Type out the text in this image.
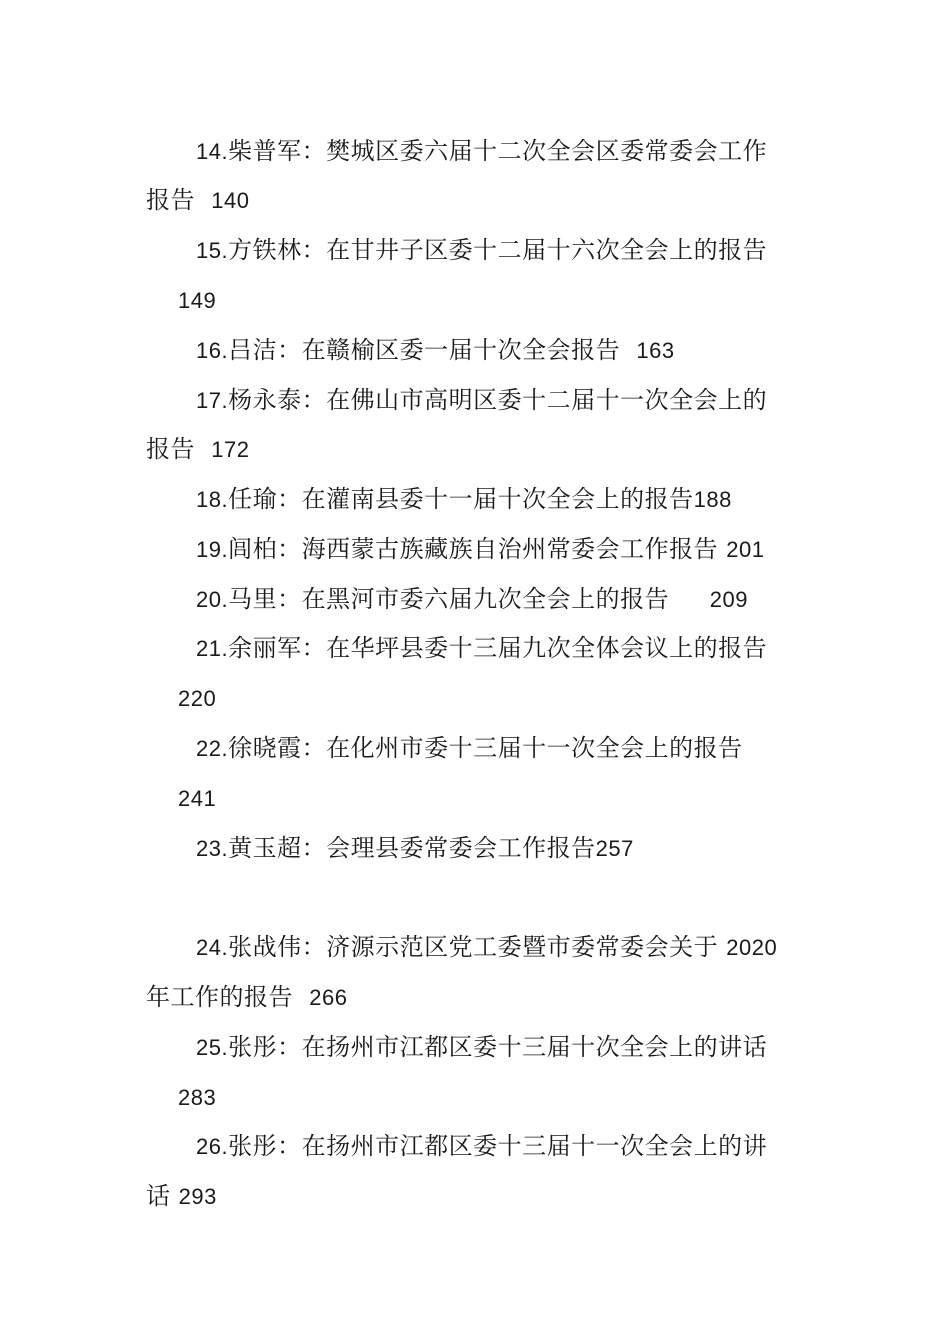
14.柴普军：樊城区委六届十二次全会区委常委会工作
报告 140
15.方铁林：在甘井子区委十二届十六次全会上的报告
149
16.吕洁：在赣榆区委一届十次全会报告 163
17.杨永泰：在佛山市高明区委十二届十一次全会上的
报告 172
18.任瑜：在灌南县委十一届十次全会上的报告188
19.闾柏：海西蒙古族藏族自治州常委会工作报告 201
20.马里：在黑河市委六届九次全会上的报告 209
21.余丽军：在华坪县委十三届九次全体会议上的报告
220
22.徐晓霞：在化州市委十三届十一次全会上的报告
241
23.黄玉超：会理县委常委会工作报告257
24.张战伟：济源示范区党工委暨市委常委会关于 2020
年工作的报告 266
25.张彤：在扬州市江都区委十三届十次全会上的讲话
283
26.张彤：在扬州市江都区委十三届十一次全会上的讲
话 293
